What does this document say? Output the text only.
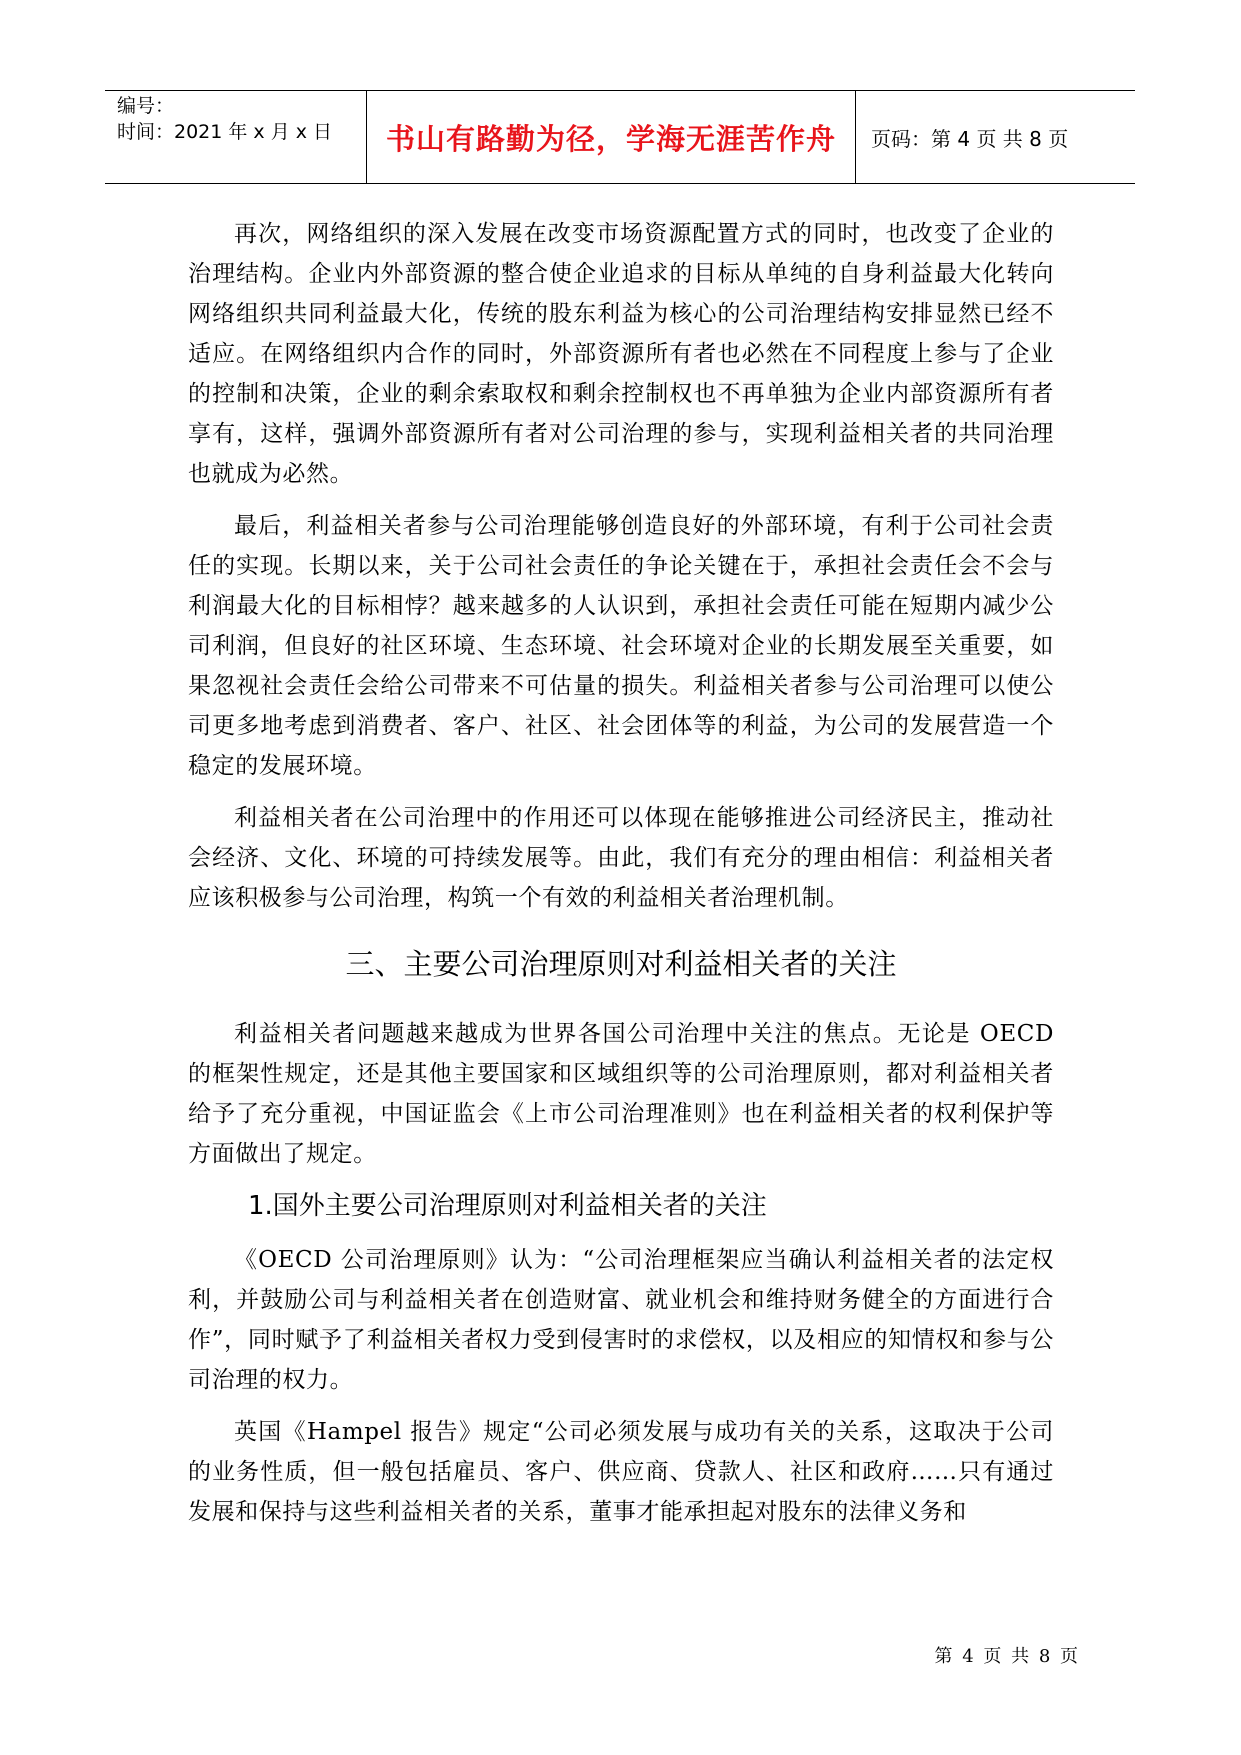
编号：
时间：2021 年 x 月 x 日	书山有路勤为径，学海无涯苦作舟 页码：第 4 页 共 8 页

再次，网络组织的深入发展在改变市场资源配置方式的同时，也改变了企业的治理结构。企业内外部资源的整合使企业追求的目标从单纯的自身利益最大化转向网络组织共同利益最大化，传统的股东利益为核心的公司治理结构安排显然已经不适应。在网络组织内合作的同时，外部资源所有者也必然在不同程度上参与了企业的控制和决策，企业的剩余索取权和剩余控制权也不再单独为企业内部资源所有者享有，这样，强调外部资源所有者对公司治理的参与，实现利益相关者的共同治理也就成为必然。

最后，利益相关者参与公司治理能够创造良好的外部环境，有利于公司社会责任的实现。长期以来，关于公司社会责任的争论关键在于，承担社会责任会不会与利润最大化的目标相悖？越来越多的人认识到，承担社会责任可能在短期内减少公司利润，但良好的社区环境、生态环境、社会环境对企业的长期发展至关重要，如果忽视社会责任会给公司带来不可估量的损失。利益相关者参与公司治理可以使公司更多地考虑到消费者、客户、社区、社会团体等的利益，为公司的发展营造一个稳定的发展环境。

利益相关者在公司治理中的作用还可以体现在能够推进公司经济民主，推动社会经济、文化、环境的可持续发展等。由此，我们有充分的理由相信：利益相关者应该积极参与公司治理，构筑一个有效的利益相关者治理机制。

三、主要公司治理原则对利益相关者的关注

利益相关者问题越来越成为世界各国公司治理中关注的焦点。无论是 OECD 的框架性规定，还是其他主要国家和区域组织等的公司治理原则，都对利益相关者给予了充分重视，中国证监会《上市公司治理准则》也在利益相关者的权利保护等方面做出了规定。

1.国外主要公司治理原则对利益相关者的关注

《OECD 公司治理原则》认为：“公司治理框架应当确认利益相关者的法定权利，并鼓励公司与利益相关者在创造财富、就业机会和维持财务健全的方面进行合作”，同时赋予了利益相关者权力受到侵害时的求偿权，以及相应的知情权和参与公司治理的权力。

英国《Hampel 报告》规定“公司必须发展与成功有关的关系，这取决于公司的业务性质，但一般包括雇员、客户、供应商、贷款人、社区和政府……只有通过发展和保持与这些利益相关者的关系，董事才能承担起对股东的法律义务和

第 4 页 共 8 页
